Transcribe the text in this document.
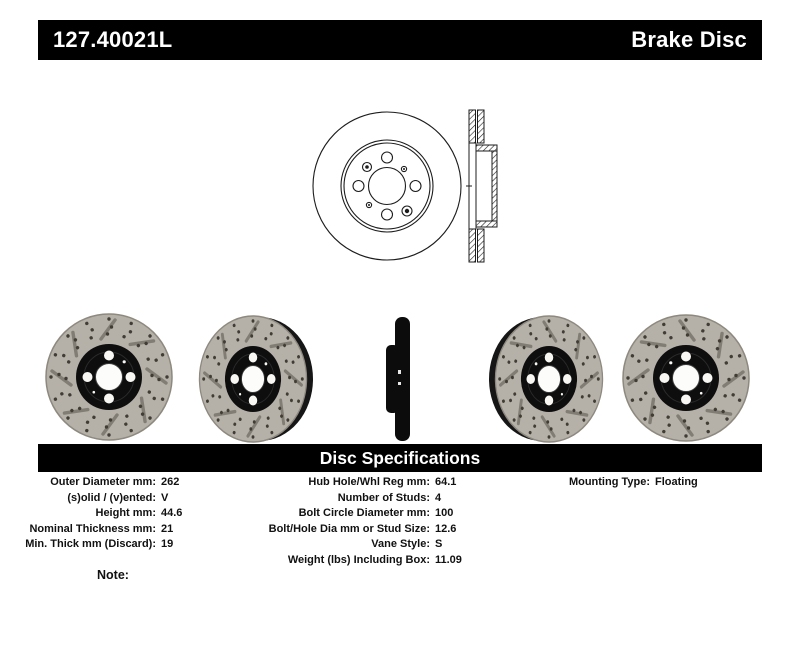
127.40021L	Brake Disc
Disc Specifications
Outer Diameter mm: 262
(s)olid / (v)ented: V
Height mm: 44.6
Nominal Thickness mm: 21
Min. Thick mm (Discard): 19
Hub Hole/Whl Reg mm: 64.1
Number of Studs: 4
Bolt Circle Diameter mm: 100
Bolt/Hole Dia mm or Stud Size: 12.6
Vane Style: S
Weight (lbs) Including Box: 11.09
Mounting Type: Floating
Note:
